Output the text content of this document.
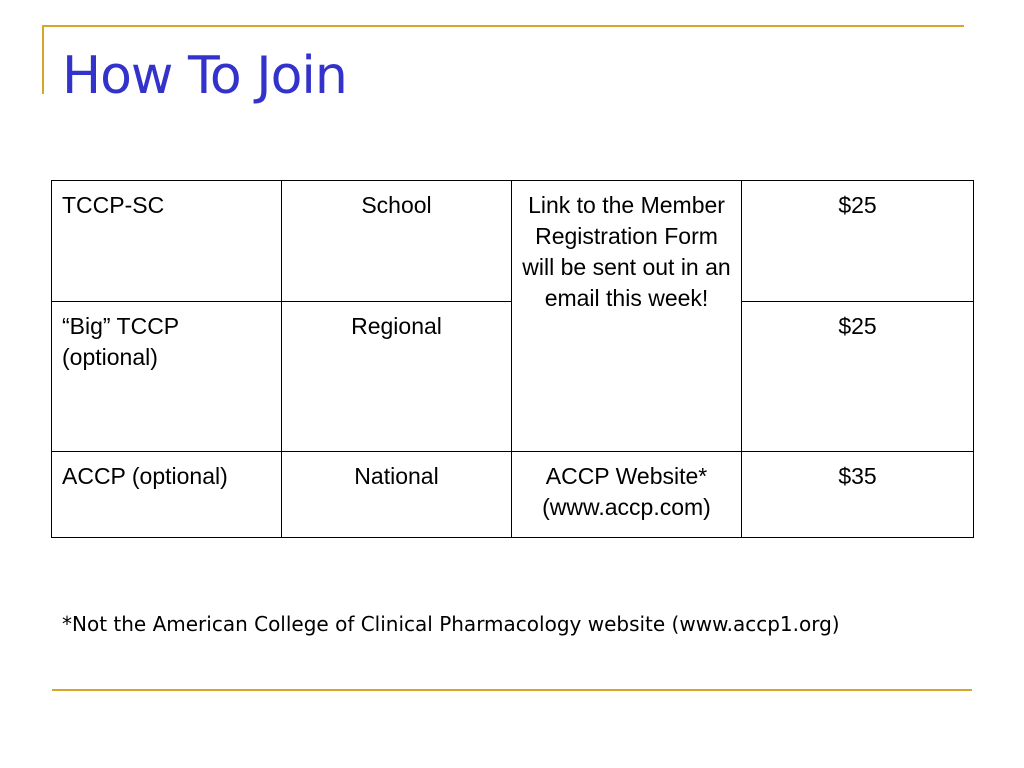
How To Join
TCCP-SC	School	Link to the Member Registration Form will be sent out in an email this week!	$25
“Big” TCCP (optional)	Regional		$25
ACCP (optional)	National	ACCP Website* (www.accp.com)	$35
*Not the American College of Clinical Pharmacology website (www.accp1.org)
